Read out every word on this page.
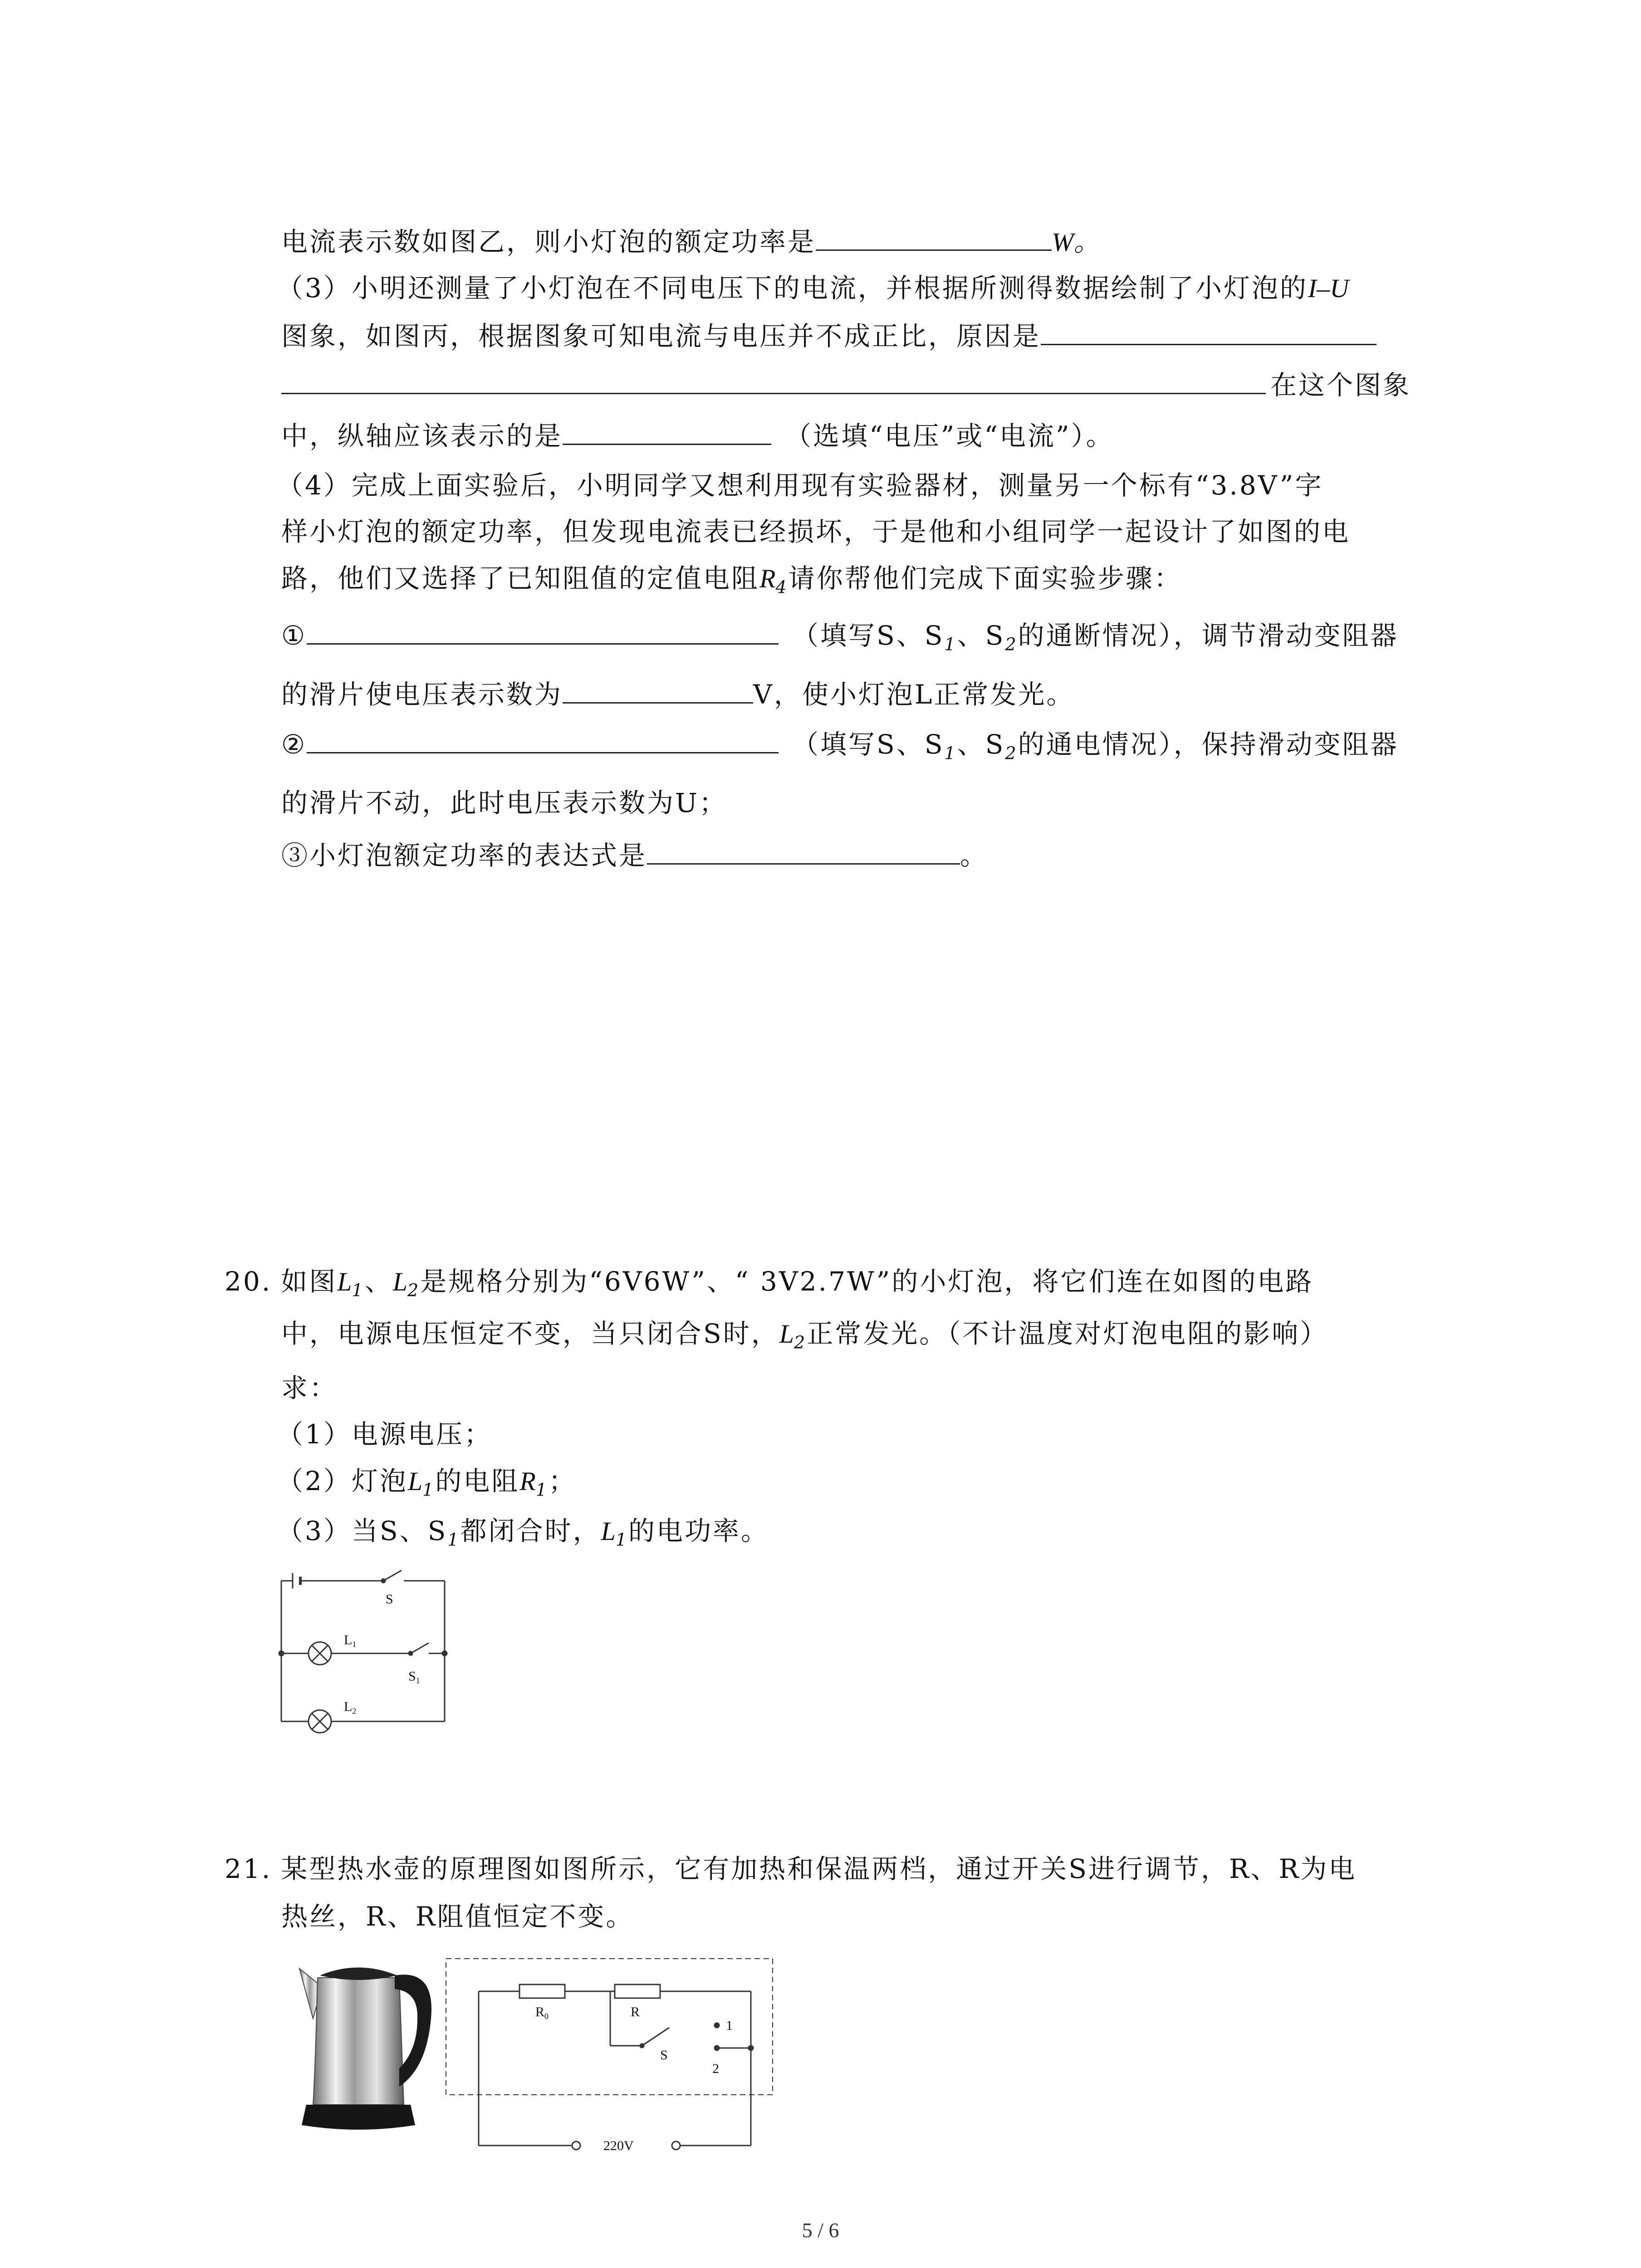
电流表示数如图乙，则小灯泡的额定功率是	W。
（3）小明还测量了小灯泡在不同电压下的电流，并根据所测得数据绘制了小灯泡的I–U
图象，如图丙，根据图象可知电流与电压并不成正比，原因是
在这个图象
中，纵轴应该表示的是	（选填“电压”或“电流”）。
（4）完成上面实验后，小明同学又想利用现有实验器材，测量另一个标有“3.8V”字
样小灯泡的额定功率，但发现电流表已经损坏，于是他和小组同学一起设计了如图的电
路，他们又选择了已知阻值的定值电阻$R_4$请你帮他们完成下面实验步骤：
①	（填写S、$S_1$、$S_2$的通断情况），调节滑动变阻器
的滑片使电压表示数为	V，使小灯泡L正常发光。
②	（填写S、$S_1$、$S_2$的通电情况），保持滑动变阻器
的滑片不动，此时电压表示数为U；
③小灯泡额定功率的表达式是	。
20. 如图$L_1$、$L_2$是规格分别为“6V6W”、“ 3V2.7W”的小灯泡，将它们连在如图的电路
中，电源电压恒定不变，当只闭合S时，$L_2$正常发光。（不计温度对灯泡电阻的影响）
求：
（1）电源电压；
（2）灯泡$L_1$的电阻$R_1$；
（3）当S、$S_1$都闭合时，$L_1$的电功率。
S
$L_1$
$S_1$
$L_2$
21. 某型热水壶的原理图如图所示，它有加热和保温两档，通过开关S进行调节，R、R为电
热丝，R、R阻值恒定不变。
$R_0$	R
S
1
2
220V
5 / 6
